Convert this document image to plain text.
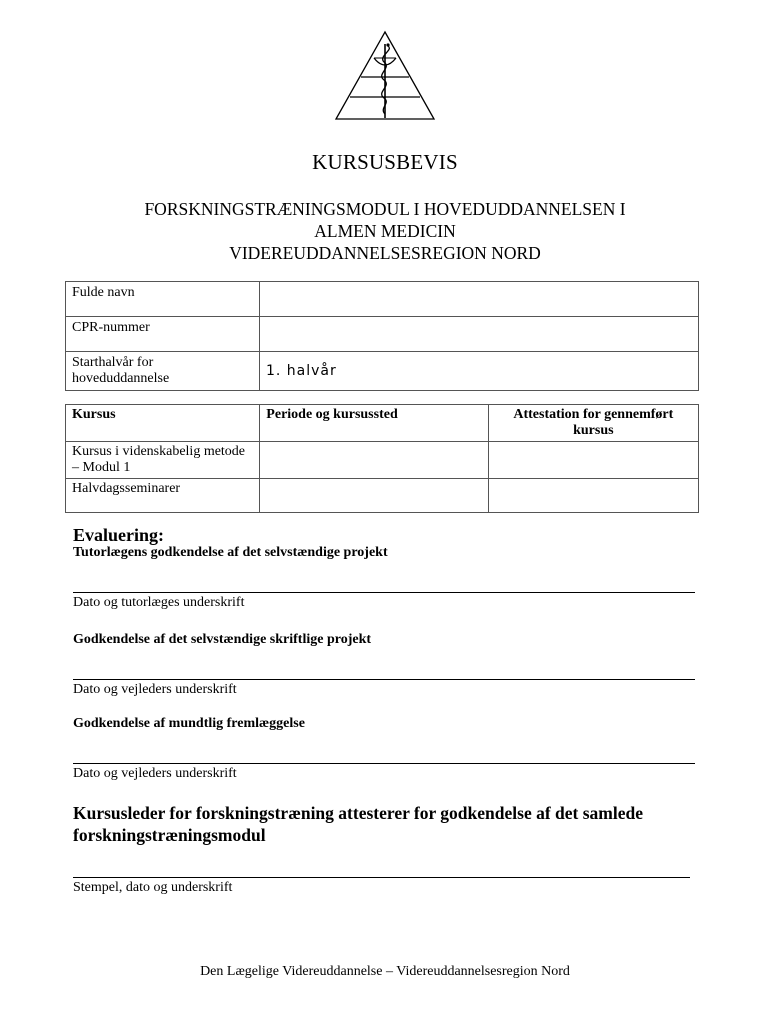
KURSUSBEVIS
FORSKNINGSTRÆNINGSMODUL I HOVEDUDDANNELSEN I
ALMEN MEDICIN
VIDEREUDDANNELSESREGION NORD
Fulde navn	
CPR-nummer	
Starthalvår for hoveduddannelse	1. halvår
Kursus	Periode og kursussted	Attestation for gennemført kursus
Kursus i videnskabelig metode – Modul 1		
Halvdagsseminarer		
Evaluering:
Tutorlægens godkendelse af det selvstændige projekt
Dato og tutorlæges underskrift
Godkendelse af det selvstændige skriftlige projekt
Dato og vejleders underskrift
Godkendelse af mundtlig fremlæggelse
Dato og vejleders underskrift
Kursusleder for forskningstræning attesterer for godkendelse af det samlede forskningstræningsmodul
Stempel, dato og underskrift
Den Lægelige Videreuddannelse – Videreuddannelsesregion Nord
